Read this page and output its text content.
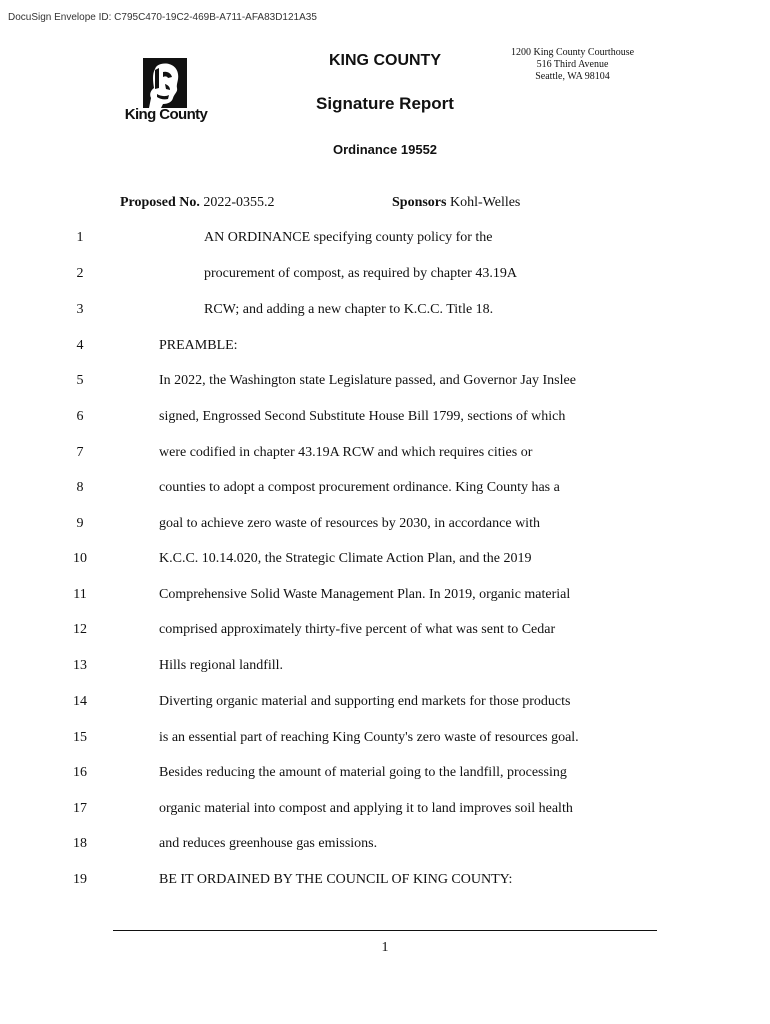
DocuSign Envelope ID: C795C470-19C2-469B-A711-AFA83D121A35
King County
KING COUNTY
Signature Report
Ordinance 19552
1200 King County Courthouse
516 Third Avenue
Seattle, WA 98104
Proposed No. 2022-0355.2	Sponsors Kohl-Welles
1	AN ORDINANCE specifying county policy for the
2	procurement of compost, as required by chapter 43.19A
3	RCW; and adding a new chapter to K.C.C. Title 18.
4	PREAMBLE:
5	In 2022, the Washington state Legislature passed, and Governor Jay Inslee
6	signed, Engrossed Second Substitute House Bill 1799, sections of which
7	were codified in chapter 43.19A RCW and which requires cities or
8	counties to adopt a compost procurement ordinance. King County has a
9	goal to achieve zero waste of resources by 2030, in accordance with
10	K.C.C. 10.14.020, the Strategic Climate Action Plan, and the 2019
11	Comprehensive Solid Waste Management Plan. In 2019, organic material
12	comprised approximately thirty-five percent of what was sent to Cedar
13	Hills regional landfill.
14	Diverting organic material and supporting end markets for those products
15	is an essential part of reaching King County's zero waste of resources goal.
16	Besides reducing the amount of material going to the landfill, processing
17	organic material into compost and applying it to land improves soil health
18	and reduces greenhouse gas emissions.
19	BE IT ORDAINED BY THE COUNCIL OF KING COUNTY:
1
